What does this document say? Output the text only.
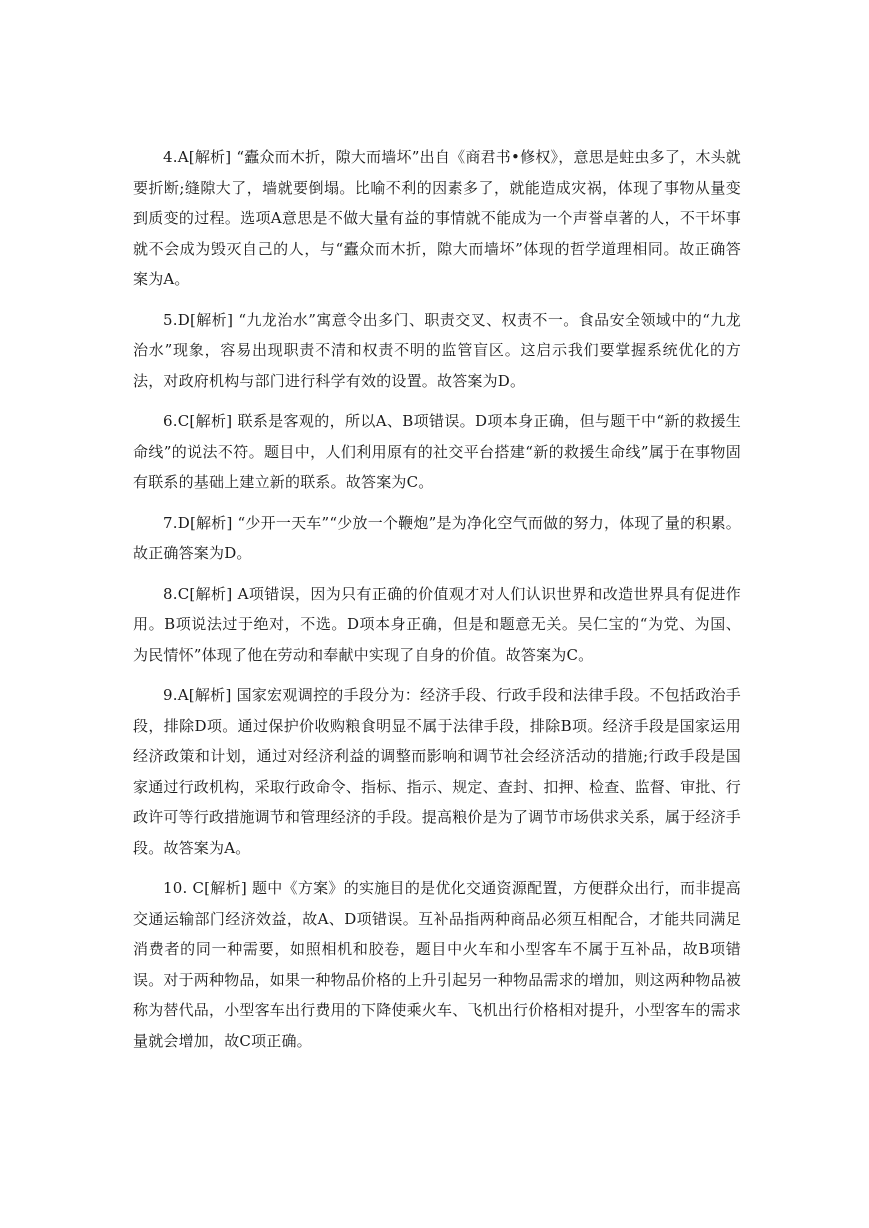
4.A[解析] “蠹众而木折，隙大而墙坏”出自《商君书•修权》，意思是蛀虫多了，木头就要折断;缝隙大了，墙就要倒塌。比喻不利的因素多了，就能造成灾祸，体现了事物从量变到质变的过程。选项A意思是不做大量有益的事情就不能成为一个声誉卓著的人，不干坏事就不会成为毁灭自己的人，与“蠹众而木折，隙大而墙坏”体现的哲学道理相同。故正确答案为A。

5.D[解析] “九龙治水”寓意令出多门、职责交叉、权责不一。食品安全领域中的“九龙治水”现象，容易出现职责不清和权责不明的监管盲区。这启示我们要掌握系统优化的方法，对政府机构与部门进行科学有效的设置。故答案为D。

6.C[解析] 联系是客观的，所以A、B项错误。D项本身正确，但与题干中“新的救援生命线”的说法不符。题目中，人们利用原有的社交平台搭建“新的救援生命线”属于在事物固有联系的基础上建立新的联系。故答案为C。

7.D[解析] “少开一天车”“少放一个鞭炮”是为净化空气而做的努力，体现了量的积累。故正确答案为D。

8.C[解析] A项错误，因为只有正确的价值观才对人们认识世界和改造世界具有促进作用。B项说法过于绝对，不选。D项本身正确，但是和题意无关。吴仁宝的“为党、为国、为民情怀”体现了他在劳动和奉献中实现了自身的价值。故答案为C。

9.A[解析] 国家宏观调控的手段分为：经济手段、行政手段和法律手段。不包括政治手段，排除D项。通过保护价收购粮食明显不属于法律手段，排除B项。经济手段是国家运用经济政策和计划，通过对经济利益的调整而影响和调节社会经济活动的措施;行政手段是国家通过行政机构，采取行政命令、指标、指示、规定、查封、扣押、检查、监督、审批、行政许可等行政措施调节和管理经济的手段。提高粮价是为了调节市场供求关系，属于经济手段。故答案为A。

10. C[解析] 题中《方案》的实施目的是优化交通资源配置，方便群众出行，而非提高交通运输部门经济效益，故A、D项错误。互补品指两种商品必须互相配合，才能共同满足消费者的同一种需要，如照相机和胶卷，题目中火车和小型客车不属于互补品，故B项错误。对于两种物品，如果一种物品价格的上升引起另一种物品需求的增加，则这两种物品被称为替代品，小型客车出行费用的下降使乘火车、飞机出行价格相对提升，小型客车的需求量就会增加，故C项正确。
